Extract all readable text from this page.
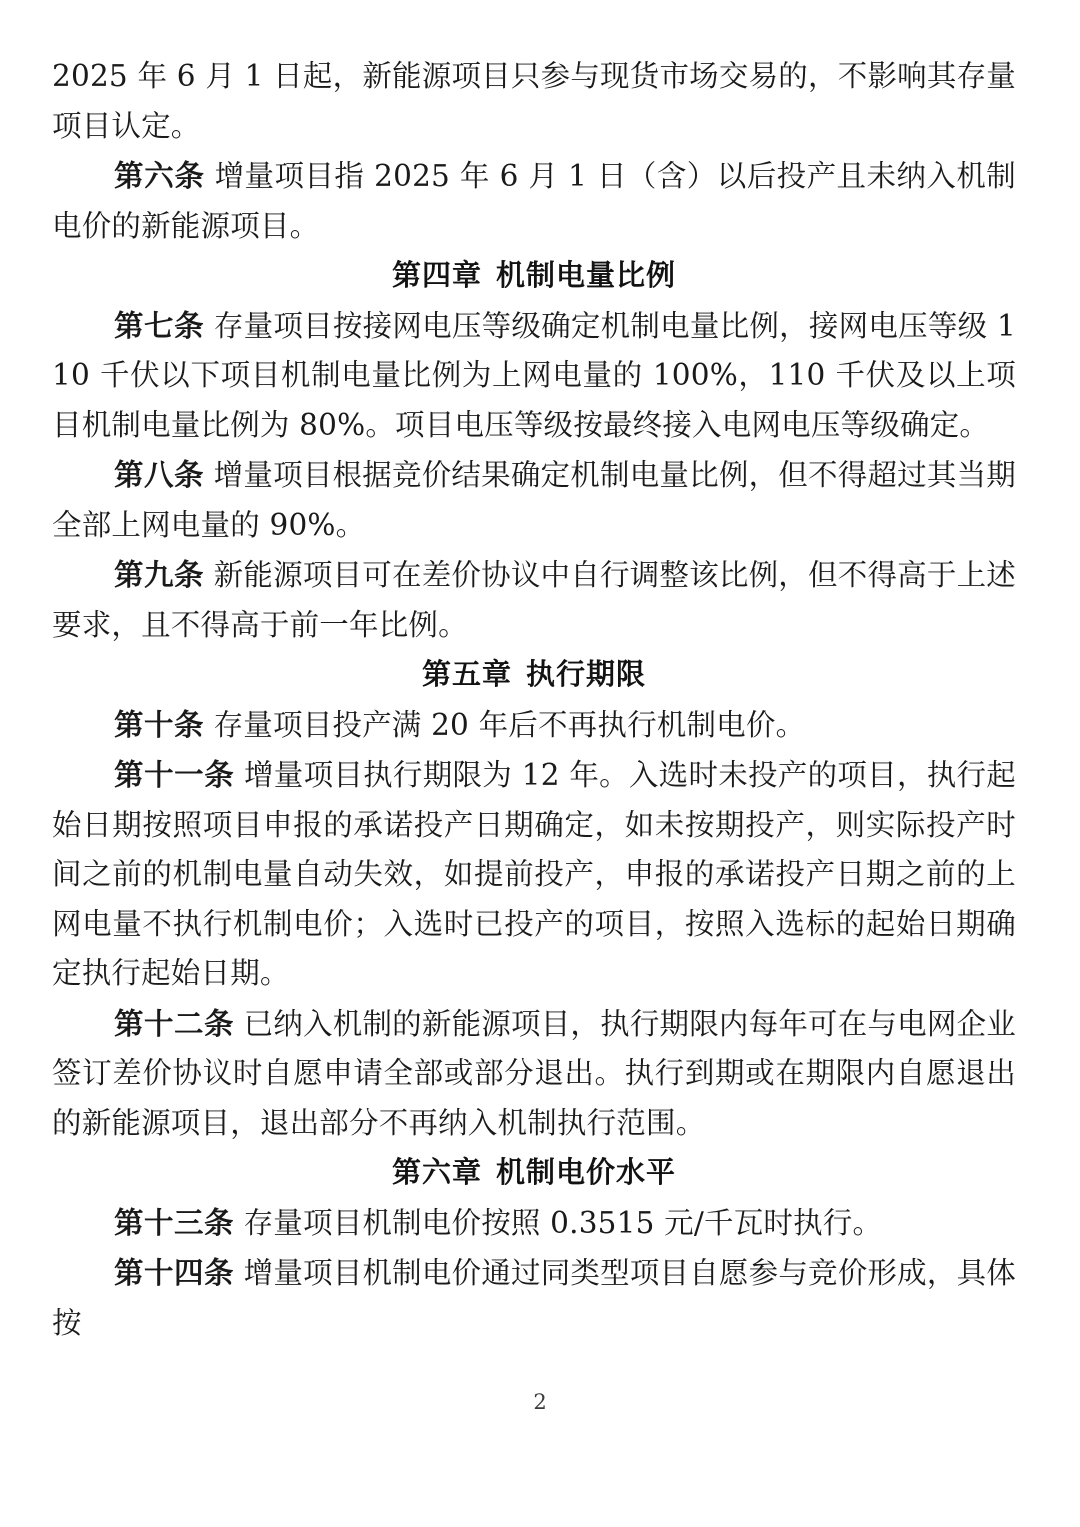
2025 年 6 月 1 日起，新能源项目只参与现货市场交易的，不影响其存量项目认定。

第六条 增量项目指 2025 年 6 月 1 日（含）以后投产且未纳入机制电价的新能源项目。

第四章 机制电量比例

第七条 存量项目按接网电压等级确定机制电量比例，接网电压等级 110 千伏以下项目机制电量比例为上网电量的 100%，110 千伏及以上项目机制电量比例为 80%。项目电压等级按最终接入电网电压等级确定。

第八条 增量项目根据竞价结果确定机制电量比例，但不得超过其当期全部上网电量的 90%。

第九条 新能源项目可在差价协议中自行调整该比例，但不得高于上述要求，且不得高于前一年比例。

第五章 执行期限

第十条 存量项目投产满 20 年后不再执行机制电价。

第十一条 增量项目执行期限为 12 年。入选时未投产的项目，执行起始日期按照项目申报的承诺投产日期确定，如未按期投产，则实际投产时间之前的机制电量自动失效，如提前投产，申报的承诺投产日期之前的上网电量不执行机制电价；入选时已投产的项目，按照入选标的起始日期确定执行起始日期。

第十二条 已纳入机制的新能源项目，执行期限内每年可在与电网企业签订差价协议时自愿申请全部或部分退出。执行到期或在期限内自愿退出的新能源项目，退出部分不再纳入机制执行范围。

第六章 机制电价水平

第十三条 存量项目机制电价按照 0.3515 元/千瓦时执行。

第十四条 增量项目机制电价通过同类型项目自愿参与竞价形成，具体按

2
